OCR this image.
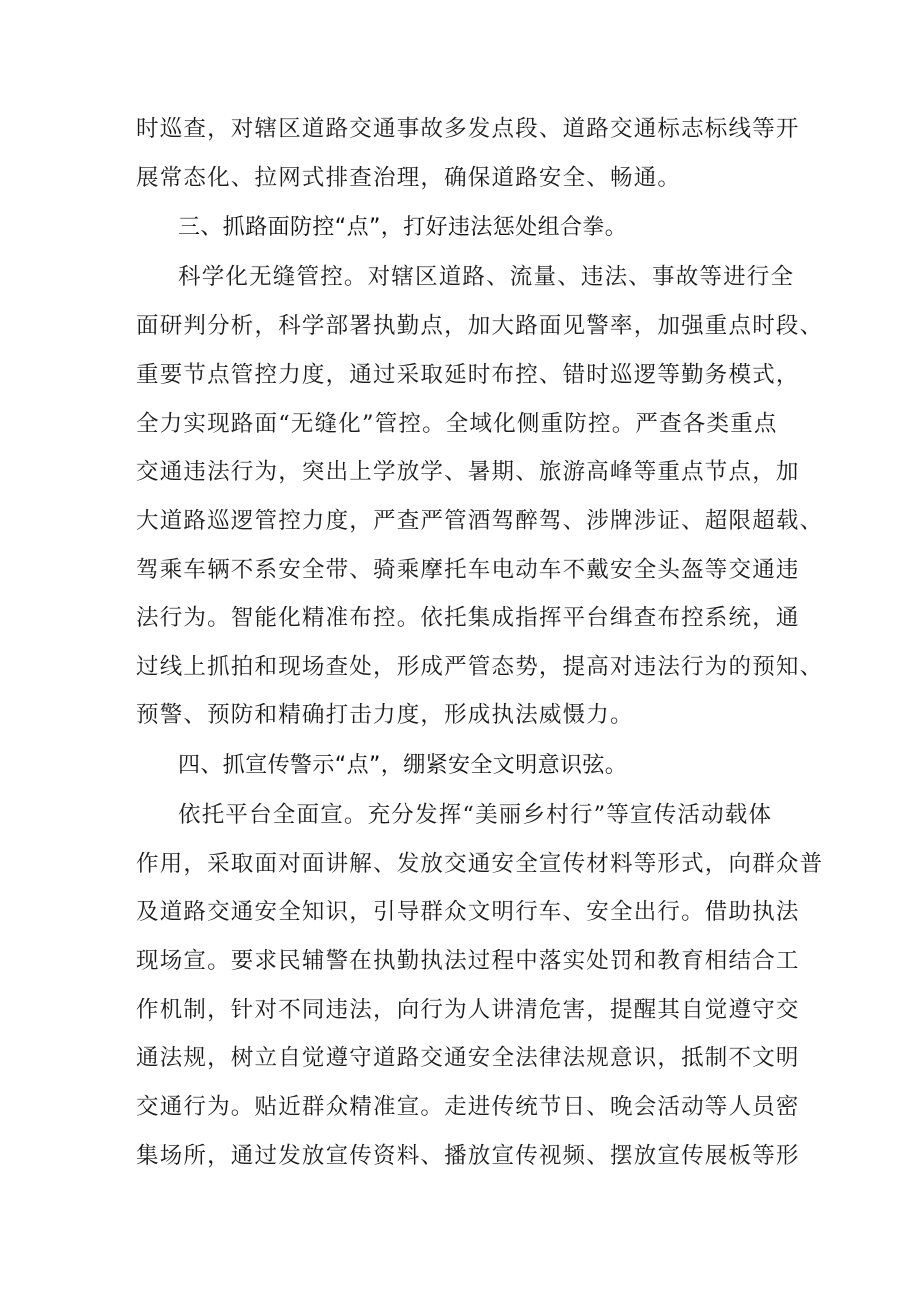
时巡查，对辖区道路交通事故多发点段、道路交通标志标线等开
展常态化、拉网式排查治理，确保道路安全、畅通。
三、抓路面防控“点”，打好违法惩处组合拳。
科学化无缝管控。对辖区道路、流量、违法、事故等进行全
面研判分析，科学部署执勤点，加大路面见警率，加强重点时段、
重要节点管控力度，通过采取延时布控、错时巡逻等勤务模式，
全力实现路面“无缝化”管控。全域化侧重防控。严查各类重点
交通违法行为，突出上学放学、暑期、旅游高峰等重点节点，加
大道路巡逻管控力度，严查严管酒驾醉驾、涉牌涉证、超限超载、
驾乘车辆不系安全带、骑乘摩托车电动车不戴安全头盔等交通违
法行为。智能化精准布控。依托集成指挥平台缉查布控系统，通
过线上抓拍和现场查处，形成严管态势，提高对违法行为的预知、
预警、预防和精确打击力度，形成执法威慑力。
四、抓宣传警示“点”，绷紧安全文明意识弦。
依托平台全面宣。充分发挥“美丽乡村行”等宣传活动载体
作用，采取面对面讲解、发放交通安全宣传材料等形式，向群众普
及道路交通安全知识，引导群众文明行车、安全出行。借助执法
现场宣。要求民辅警在执勤执法过程中落实处罚和教育相结合工
作机制，针对不同违法，向行为人讲清危害，提醒其自觉遵守交
通法规，树立自觉遵守道路交通安全法律法规意识，抵制不文明
交通行为。贴近群众精准宣。走进传统节日、晚会活动等人员密
集场所，通过发放宣传资料、播放宣传视频、摆放宣传展板等形
